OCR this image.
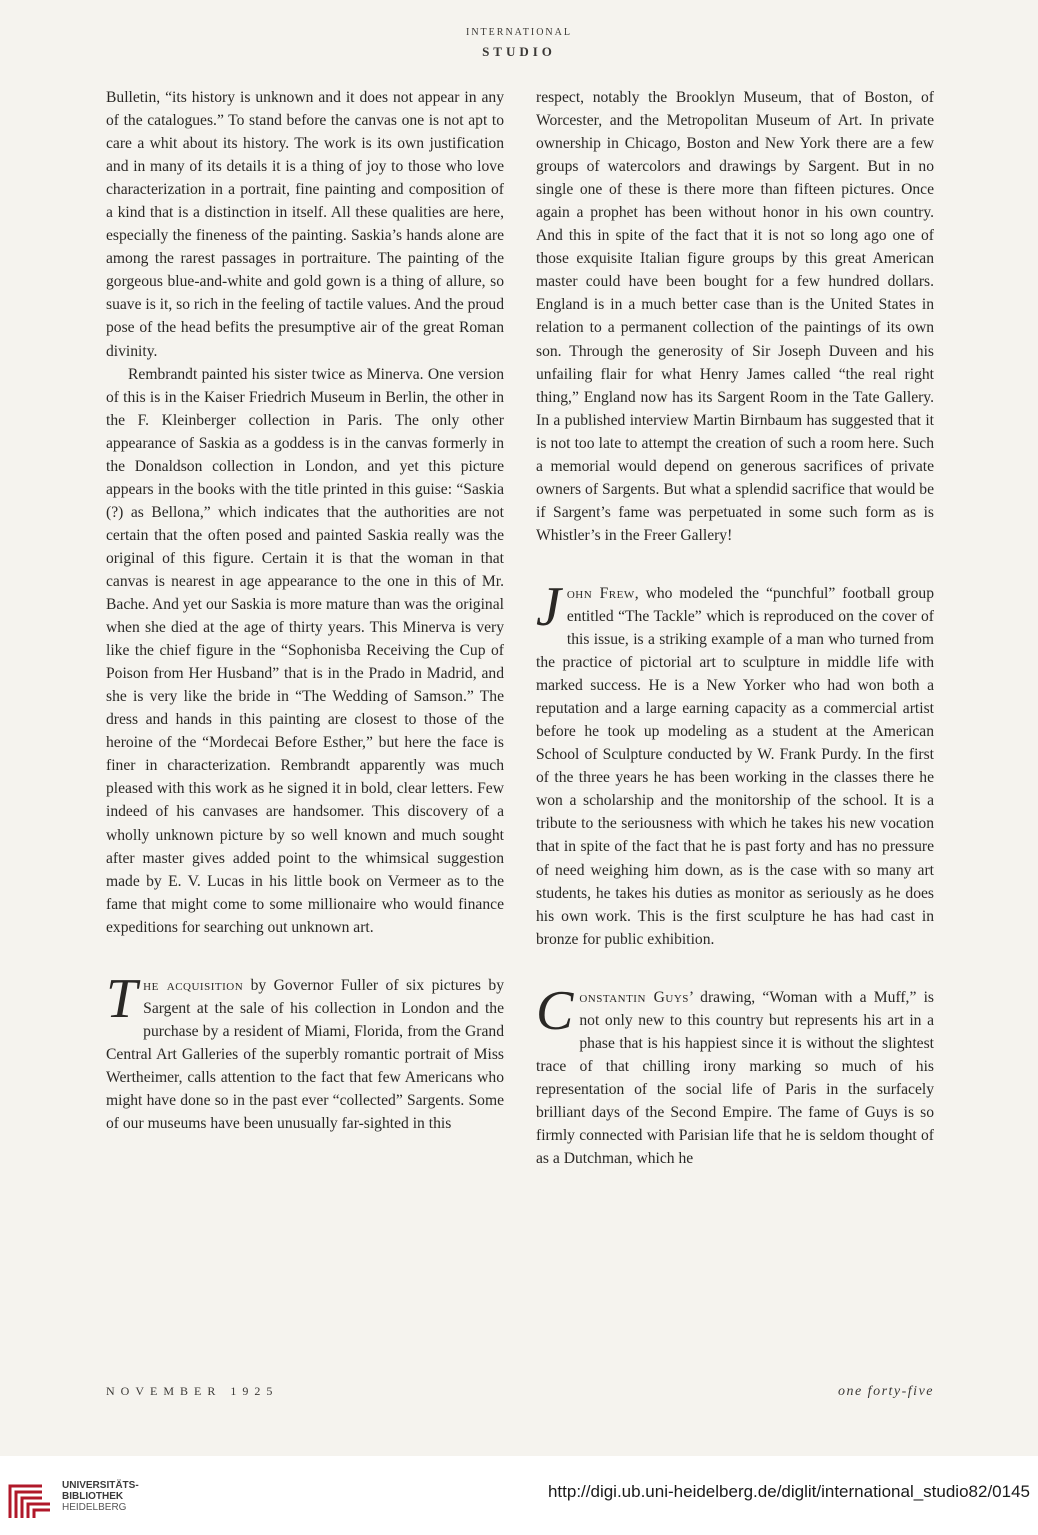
international
studio

Bulletin, “its history is unknown and it does not appear in any of the catalogues.” To stand before the canvas one is not apt to care a whit about its history. The work is its own justification and in many of its details it is a thing of joy to those who love characterization in a portrait, fine painting and composition of a kind that is a distinction in itself. All these qualities are here, especially the fineness of the painting. Saskia’s hands alone are among the rarest passages in portraiture. The painting of the gorgeous blue-and-white and gold gown is a thing of allure, so suave is it, so rich in the feeling of tactile values. And the proud pose of the head befits the presumptive air of the great Roman divinity.

Rembrandt painted his sister twice as Minerva. One version of this is in the Kaiser Friedrich Museum in Berlin, the other in the F. Kleinberger collection in Paris. The only other appearance of Saskia as a goddess is in the canvas formerly in the Donaldson collection in London, and yet this picture appears in the books with the title printed in this guise: “Saskia (?) as Bellona,” which indicates that the authorities are not certain that the often posed and painted Saskia really was the original of this figure. Certain it is that the woman in that canvas is nearest in age appearance to the one in this of Mr. Bache. And yet our Saskia is more mature than was the original when she died at the age of thirty years. This Minerva is very like the chief figure in the “Sophonisba Receiving the Cup of Poison from Her Husband” that is in the Prado in Madrid, and she is very like the bride in “The Wedding of Samson.” The dress and hands in this painting are closest to those of the heroine of the “Mordecai Before Esther,” but here the face is finer in characterization. Rembrandt apparently was much pleased with this work as he signed it in bold, clear letters. Few indeed of his canvases are handsomer. This discovery of a wholly unknown picture by so well known and much sought after master gives added point to the whimsical suggestion made by E. V. Lucas in his little book on Vermeer as to the fame that might come to some millionaire who would finance expeditions for searching out unknown art.

The acquisition by Governor Fuller of six pictures by Sargent at the sale of his collection in London and the purchase by a resident of Miami, Florida, from the Grand Central Art Galleries of the superbly romantic portrait of Miss Wertheimer, calls attention to the fact that few Americans who might have done so in the past ever “collected” Sargents. Some of our museums have been unusually far-sighted in this

respect, notably the Brooklyn Museum, that of Boston, of Worcester, and the Metropolitan Museum of Art. In private ownership in Chicago, Boston and New York there are a few groups of watercolors and drawings by Sargent. But in no single one of these is there more than fifteen pictures. Once again a prophet has been without honor in his own country. And this in spite of the fact that it is not so long ago one of those exquisite Italian figure groups by this great American master could have been bought for a few hundred dollars. England is in a much better case than is the United States in relation to a permanent collection of the paintings of its own son. Through the generosity of Sir Joseph Duveen and his unfailing flair for what Henry James called “the real right thing,” England now has its Sargent Room in the Tate Gallery. In a published interview Martin Birnbaum has suggested that it is not too late to attempt the creation of such a room here. Such a memorial would depend on generous sacrifices of private owners of Sargents. But what a splendid sacrifice that would be if Sargent’s fame was perpetuated in some such form as is Whistler’s in the Freer Gallery!

John Frew, who modeled the “punchful” football group entitled “The Tackle” which is reproduced on the cover of this issue, is a striking example of a man who turned from the practice of pictorial art to sculpture in middle life with marked success. He is a New Yorker who had won both a reputation and a large earning capacity as a commercial artist before he took up modeling as a student at the American School of Sculpture conducted by W. Frank Purdy. In the first of the three years he has been working in the classes there he won a scholarship and the monitorship of the school. It is a tribute to the seriousness with which he takes his new vocation that in spite of the fact that he is past forty and has no pressure of need weighing him down, as is the case with so many art students, he takes his duties as monitor as seriously as he does his own work. This is the first sculpture he has had cast in bronze for public exhibition.

Constantin Guys’ drawing, “Woman with a Muff,” is not only new to this country but represents his art in a phase that is his happiest since it is without the slightest trace of that chilling irony marking so much of his representation of the social life of Paris in the surfacely brilliant days of the Second Empire. The fame of Guys is so firmly connected with Parisian life that he is seldom thought of as a Dutchman, which he

NOVEMBER 1925	one forty-five
UNIVERSITÄTS-
BIBLIOTHEK
HEIDELBERG
http://digi.ub.uni-heidelberg.de/diglit/international_studio82/0145
